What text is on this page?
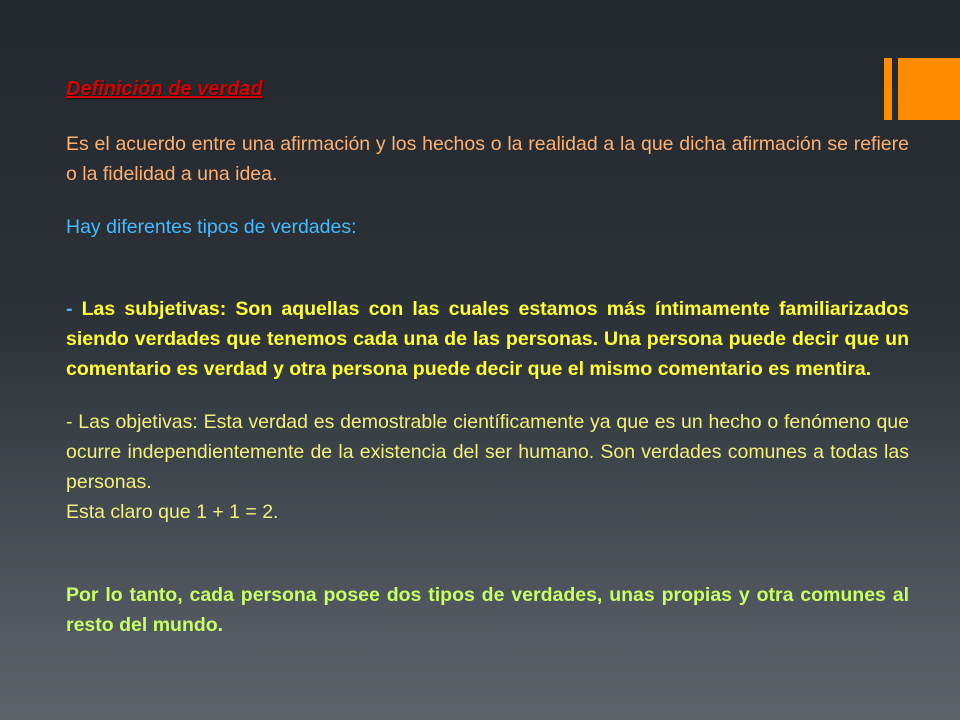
Definición de verdad

Es el acuerdo entre una afirmación y los hechos o la realidad a la que dicha afirmación se refiere o la fidelidad a una idea.

Hay diferentes tipos de verdades:

- Las subjetivas: Son aquellas con las cuales estamos más íntimamente familiarizados siendo verdades que tenemos cada una de las personas. Una persona puede decir que un comentario es verdad y otra persona puede decir que el mismo comentario es mentira.

- Las objetivas: Esta verdad es demostrable científicamente ya que es un hecho o fenómeno que ocurre independientemente de la existencia del ser humano. Son verdades comunes a todas las personas.

Esta claro que 1 + 1 = 2.

Por lo tanto, cada persona posee dos tipos de verdades, unas propias y otra comunes al resto del mundo.
